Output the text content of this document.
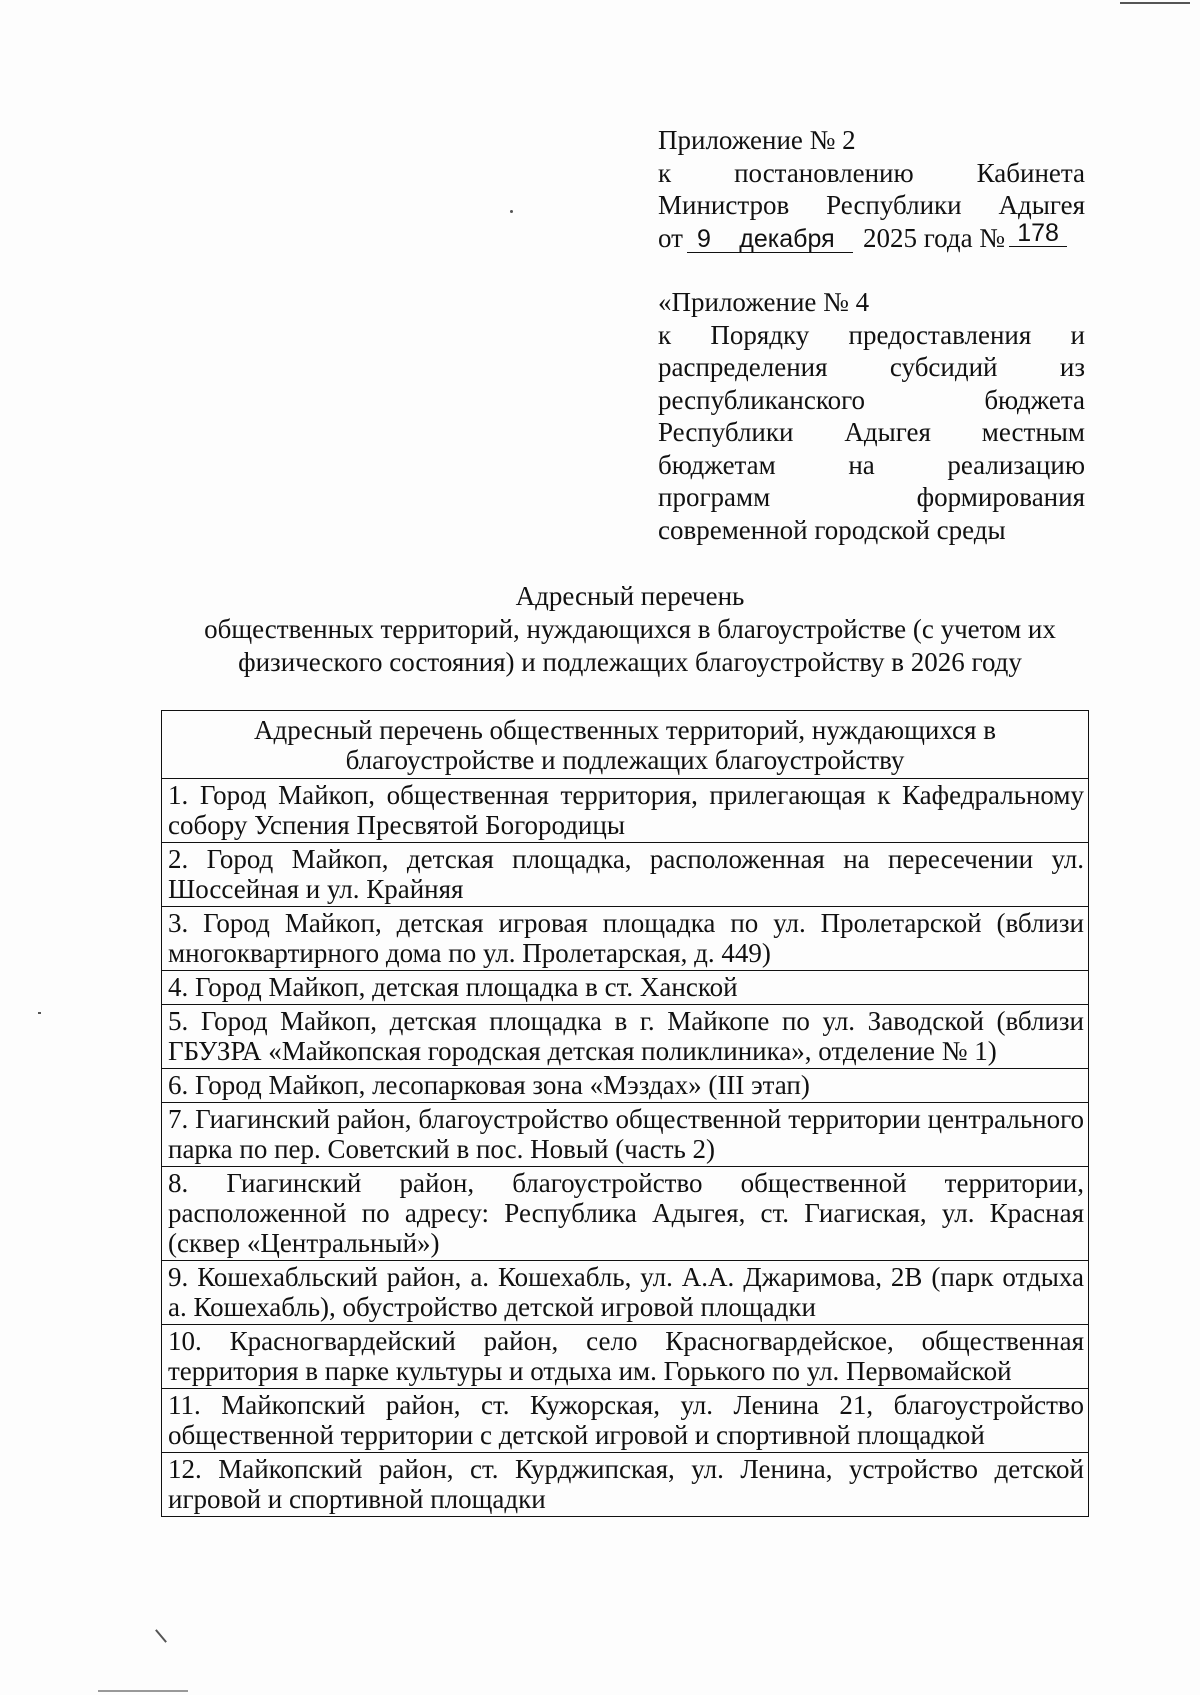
Приложение № 2
к постановлению Кабинета
Министров Республики Адыгея
от 9	декабря	2025 года № 178
«Приложение № 4
к Порядку предоставления и
распределения субсидий из
республиканского бюджета
Республики Адыгея местным
бюджетам на реализацию
программ формирования
современной городской среды
Адресный перечень
общественных территорий, нуждающихся в благоустройстве (с учетом их
физического состояния) и подлежащих благоустройству в 2026 году
Адресный перечень общественных территорий, нуждающихся в благоустройстве и подлежащих благоустройству
1. Город Майкоп, общественная территория, прилегающая к Кафедральному собору Успения Пресвятой Богородицы
2. Город Майкоп, детская площадка, расположенная на пересечении ул. Шоссейная и ул. Крайняя
3. Город Майкоп, детская игровая площадка по ул. Пролетарской (вблизи многоквартирного дома по ул. Пролетарская, д. 449)
4. Город Майкоп, детская площадка в ст. Ханской
5. Город Майкоп, детская площадка в г. Майкопе по ул. Заводской (вблизи ГБУЗРА «Майкопская городская детская поликлиника», отделение № 1)
6. Город Майкоп, лесопарковая зона «Мэздах» (III этап)
7. Гиагинский район, благоустройство общественной территории центрального парка по пер. Советский в пос. Новый (часть 2)
8. Гиагинский район, благоустройство общественной территории, расположенной по адресу: Республика Адыгея, ст. Гиагиская, ул. Красная (сквер «Центральный»)
9. Кошехабльский район, а. Кошехабль, ул. А.А. Джаримова, 2В (парк отдыха а. Кошехабль), обустройство детской игровой площадки
10. Красногвардейский район, село Красногвардейское, общественная территория в парке культуры и отдыха им. Горького по ул. Первомайской
11. Майкопский район, ст. Кужорская, ул. Ленина 21, благоустройство общественной территории с детской игровой и спортивной площадкой
12. Майкопский район, ст. Курджипская, ул. Ленина, устройство детской игровой и спортивной площадки
